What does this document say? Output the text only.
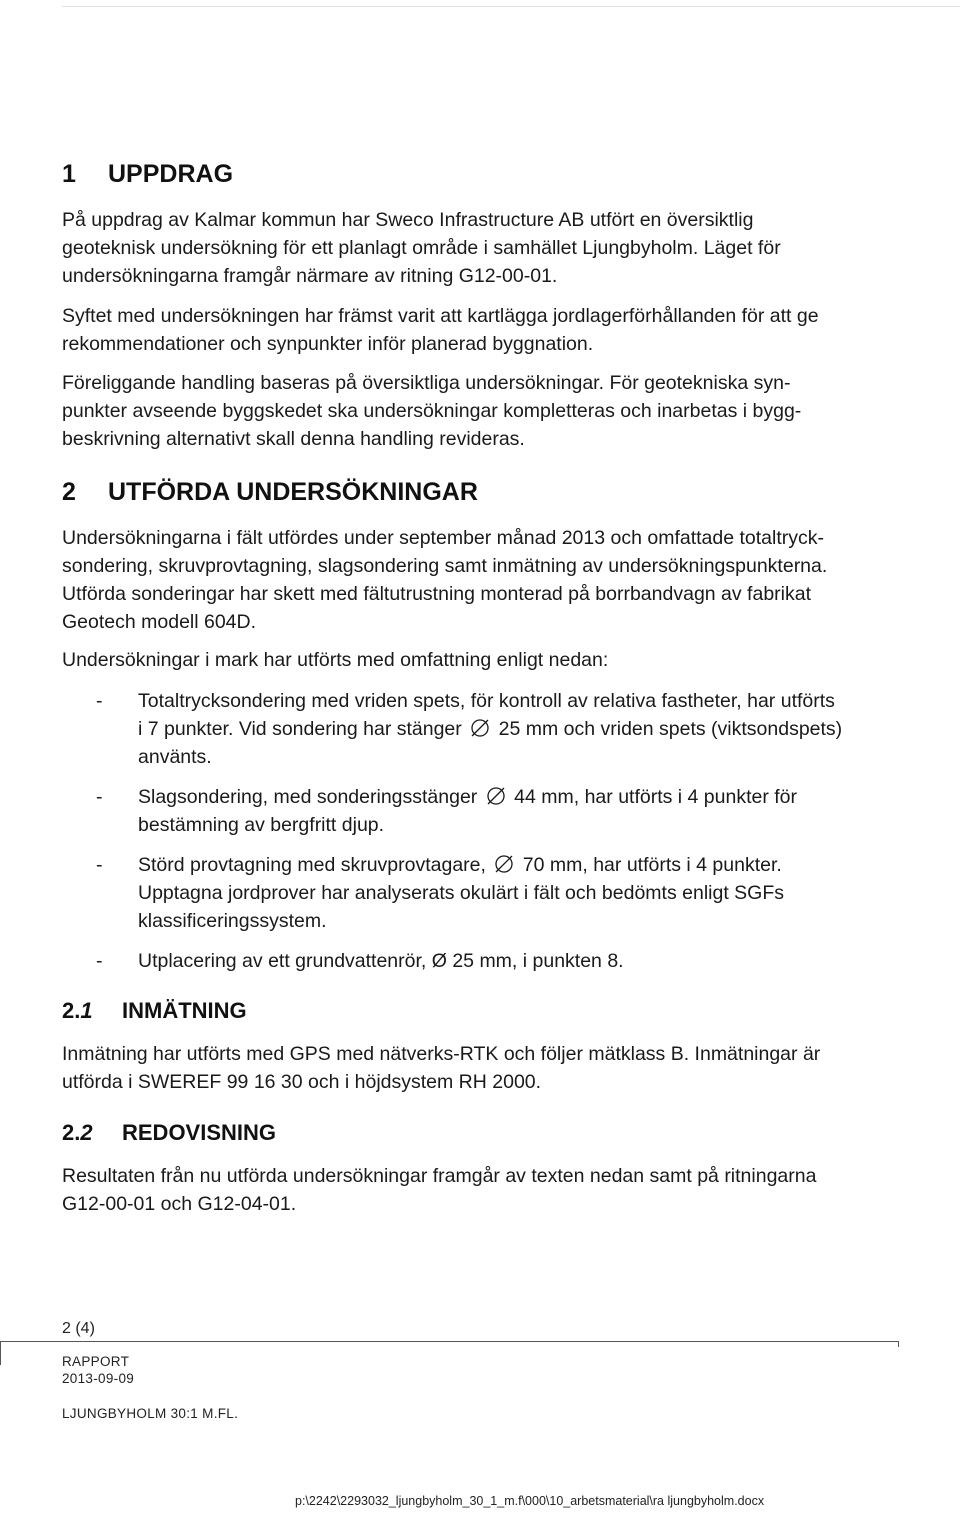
1 UPPDRAG

På uppdrag av Kalmar kommun har Sweco Infrastructure AB utfört en översiktlig
geoteknisk undersökning för ett planlagt område i samhället Ljungbyholm. Läget för
undersökningarna framgår närmare av ritning G12-00-01.

Syftet med undersökningen har främst varit att kartlägga jordlagerförhållanden för att ge
rekommendationer och synpunkter inför planerad byggnation.

Föreliggande handling baseras på översiktliga undersökningar. För geotekniska syn-
punkter avseende byggskedet ska undersökningar kompletteras och inarbetas i bygg-
beskrivning alternativt skall denna handling revideras.

2 UTFÖRDA UNDERSÖKNINGAR

Undersökningarna i fält utfördes under september månad 2013 och omfattade totaltryck-
sondering, skruvprovtagning, slagsondering samt inmätning av undersökningspunkterna.
Utförda sonderingar har skett med fältutrustning monterad på borrbandvagn av fabrikat
Geotech modell 604D.

Undersökningar i mark har utförts med omfattning enligt nedan:

- Totaltrycksondering med vriden spets, för kontroll av relativa fastheter, har utförts
i 7 punkter. Vid sondering har stänger 25 mm och vriden spets (viktsondspets)
använts.
- Slagsondering, med sonderingsstänger 44 mm, har utförts i 4 punkter för
bestämning av bergfritt djup.
- Störd provtagning med skruvprovtagare, 70 mm, har utförts i 4 punkter.
Upptagna jordprover har analyserats okulärt i fält och bedömts enligt SGFs
klassificeringssystem.
- Utplacering av ett grundvattenrör, Ø 25 mm, i punkten 8.
2.1 INMÄTNING

Inmätning har utförts med GPS med nätverks-RTK och följer mätklass B. Inmätningar är
utförda i SWEREF 99 16 30 och i höjdsystem RH 2000.

2.2 REDOVISNING

Resultaten från nu utförda undersökningar framgår av texten nedan samt på ritningarna
G12-00-01 och G12-04-01.

2 (4)
RAPPORT
2013-09-09
LJUNGBYHOLM 30:1 M.FL.
p:\2242\2293032_ljungbyholm_30_1_m.f\000\10_arbetsmaterial\ra ljungbyholm.docx
